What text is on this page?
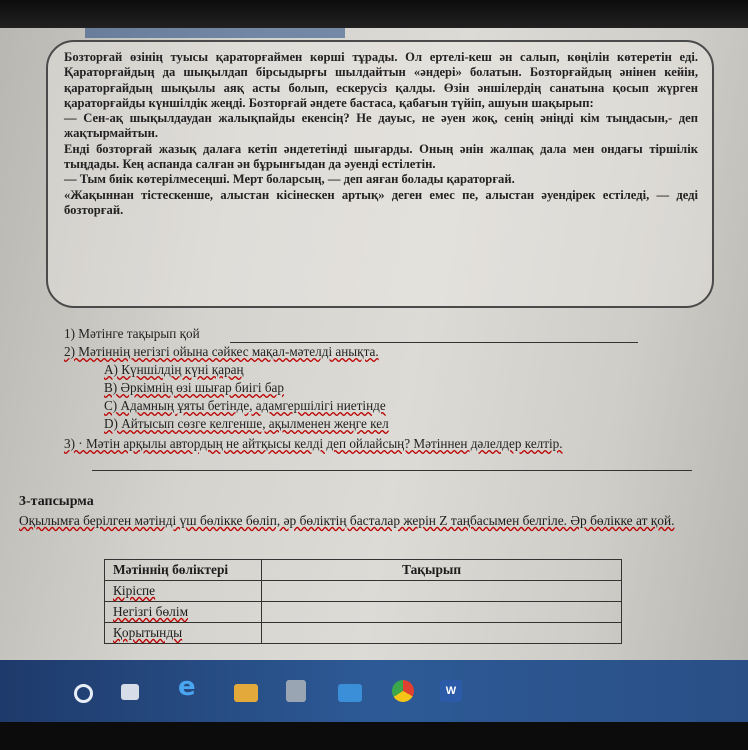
Бозторғай өзінің туысы қараторғаймен көрші тұрады. Ол ертелі-кеш ән салып, көңілін көтеретін еді. Қараторғайдың да шықылдап бірсыдырғы шылдайтын «әндері» болатын. Бозторғайдың әнінен кейін, қараторғайдың шықылы аяқ асты болып, ескерусіз қалды. Өзін әншілердің санатына қосып жүрген қараторғайды күншілдік жеңді. Бозторғай әндете бастаса, қабағын түйіп, ашуын шақырып:

— Сен-ақ шықылдаудан жалықпайды екенсің? Не дауыс, не әуен жоқ, сенің әніңді кім тыңдасын,- деп жақтырмайтын.

Енді бозторғай жазық далаға кетіп әндететінді шығарды. Оның әнін жалпақ дала мен ондағы тіршілік тыңдады. Кең аспанда салған ән бұрынғыдан да әуенді естілетін.

— Тым биік көтерілмесеңші. Мерт боларсың, — деп аяған болады қараторғай.

«Жақыннан тістескенше, алыстан кісінескен артық» деген емес пе, алыстан әуендірек естіледі, — деді бозторғай.

1) Мәтінге тақырып қой
2) Мәтіннің негізгі ойына сәйкес мақал-мәтелді анықта.
A) Күншілдің күні қараң
B) Әркімнің өзі шығар биігі бар
C) Адамның ұяты бетінде, адамгершілігі ниетінде
D) Айтысып сөзге келгенше, ақылменен жеңге кел
3) · Мәтін арқылы автордың не айтқысы келді деп ойлайсың? Мәтіннен дәлелдер келтір.
3-тапсырма
Оқылымға берілген мәтінді үш бөлікке бөліп, әр бөліктің басталар жерін Z таңбасымен белгіле. Әр бөлікке ат қой.
Мәтіннің бөліктері	Тақырып
Кіріспе	
Негізгі бөлім	
Қорытынды	
e	W
